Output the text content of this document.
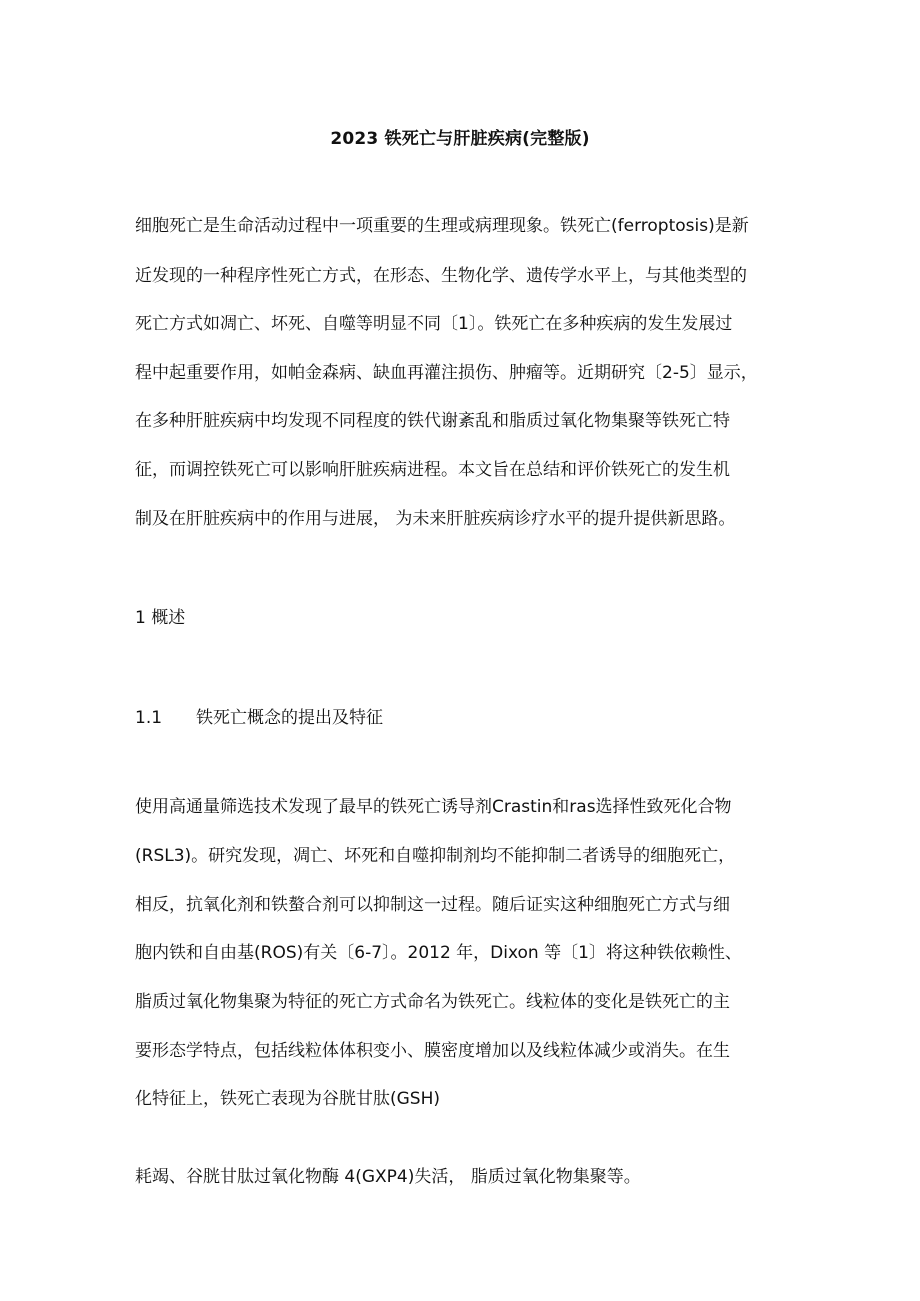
2023 铁死亡与肝脏疾病(完整版)
细胞死亡是生命活动过程中一项重要的生理或病理现象。铁死亡(ferroptosis)是新
近发现的一种程序性死亡方式，在形态、生物化学、遗传学水平上，与其他类型的
死亡方式如凋亡、坏死、自噬等明显不同〔1〕。铁死亡在多种疾病的发生发展过
程中起重要作用，如帕金森病、缺血再灌注损伤、肿瘤等。近期研究〔2-5〕显示，
在多种肝脏疾病中均发现不同程度的铁代谢紊乱和脂质过氧化物集聚等铁死亡特
征，而调控铁死亡可以影响肝脏疾病进程。本文旨在总结和评价铁死亡的发生机
制及在肝脏疾病中的作用与进展， 为未来肝脏疾病诊疗水平的提升提供新思路。
1 概述
1.1　　铁死亡概念的提出及特征
使用高通量筛选技术发现了最早的铁死亡诱导剂Crastin和ras选择性致死化合物
(RSL3)。研究发现，凋亡、坏死和自噬抑制剂均不能抑制二者诱导的细胞死亡，
相反，抗氧化剂和铁螯合剂可以抑制这一过程。随后证实这种细胞死亡方式与细
胞内铁和自由基(ROS)有关〔6-7〕。2012 年，Dixon 等〔1〕将这种铁依赖性、
脂质过氧化物集聚为特征的死亡方式命名为铁死亡。线粒体的变化是铁死亡的主
要形态学特点，包括线粒体体积变小、膜密度增加以及线粒体减少或消失。在生
化特征上，铁死亡表现为谷胱甘肽(GSH)
耗竭、谷胱甘肽过氧化物酶 4(GXP4)失活， 脂质过氧化物集聚等。
